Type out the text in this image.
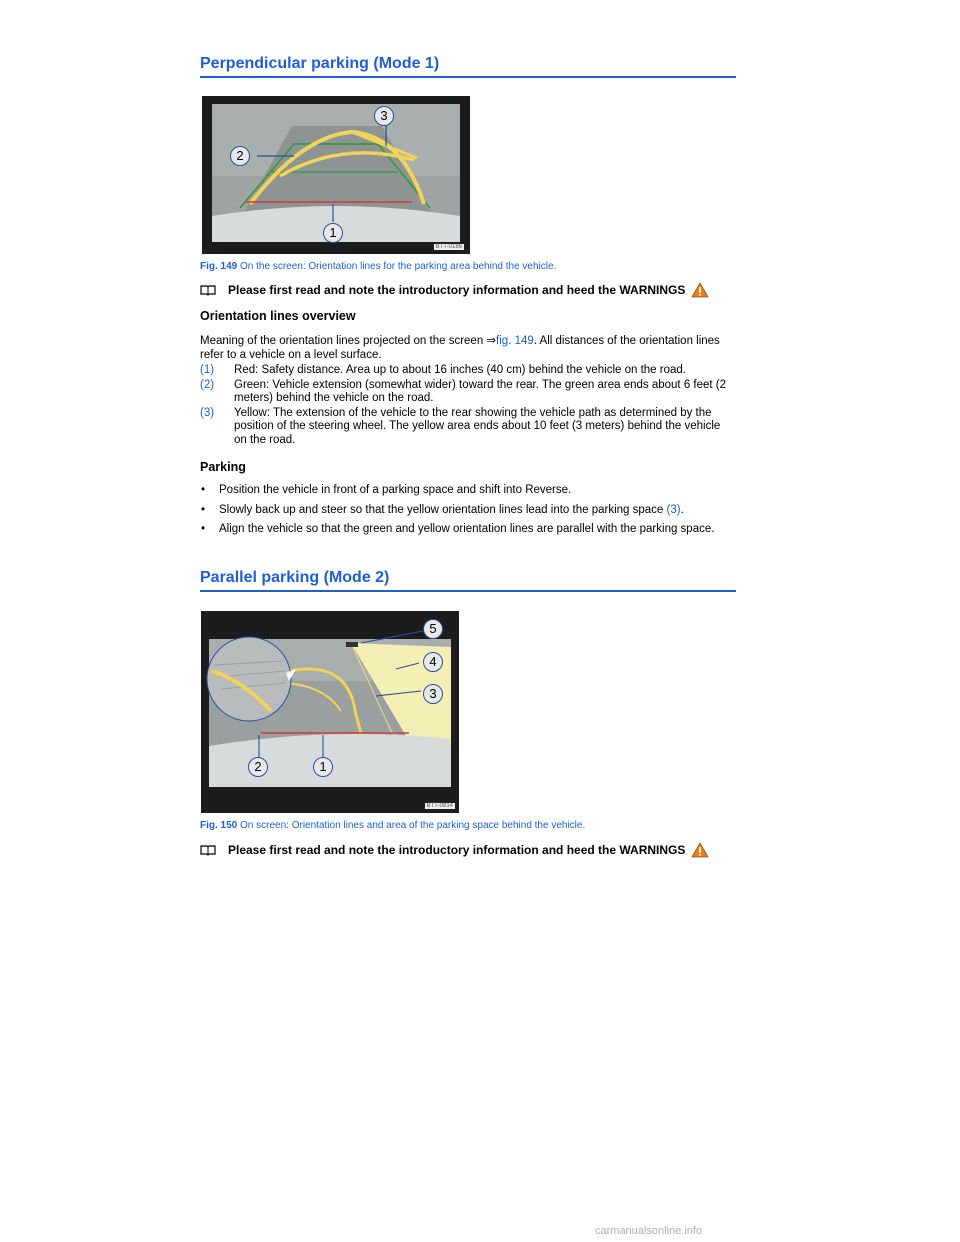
Perpendicular parking (Mode 1)
1
2
3
BTT-0186
Fig. 149 On the screen: Orientation lines for the parking area behind the vehicle.
Please first read and note the introductory information and heed the WARNINGS
Orientation lines overview
Meaning of the orientation lines projected on the screen ⇒fig. 149. All distances of the orientation lines refer to a vehicle on a level surface.
(1)	Red: Safety distance. Area up to about 16 inches (40 cm) behind the vehicle on the road.
(2)	Green: Vehicle extension (somewhat wider) toward the rear. The green area ends about 6 feet (2 meters) behind the vehicle on the road.
(3)	Yellow: The extension of the vehicle to the rear showing the vehicle path as determined by the position of the steering wheel. The yellow area ends about 10 feet (3 meters) behind the vehicle on the road.
Parking
•	Position the vehicle in front of a parking space and shift into Reverse.
•	Slowly back up and steer so that the yellow orientation lines lead into the parking space (3).
•	Align the vehicle so that the green and yellow orientation lines are parallel with the parking space.
Parallel parking (Mode 2)
1
2
3
4
5
BTT-0814
Fig. 150 On screen: Orientation lines and area of the parking space behind the vehicle.
Please first read and note the introductory information and heed the WARNINGS
carmanualsonline.info
